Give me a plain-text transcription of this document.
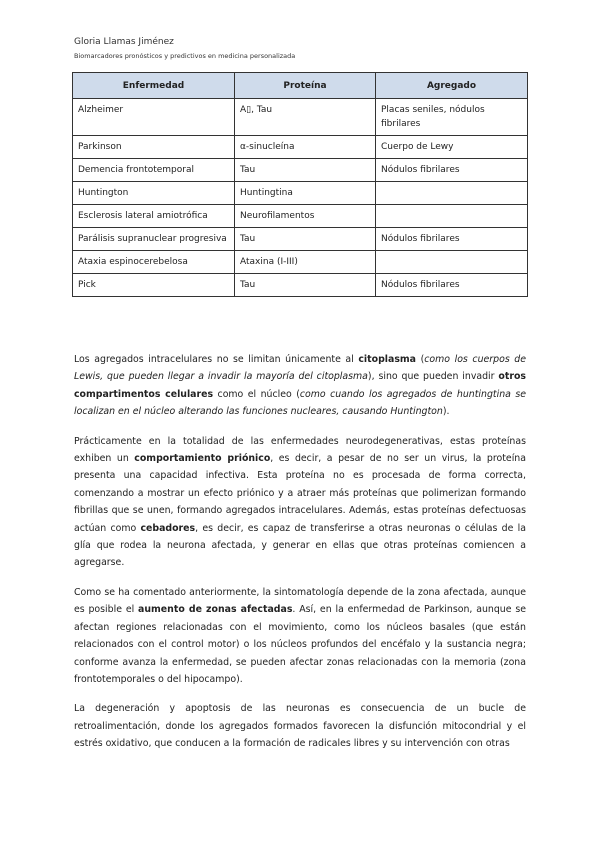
Gloria Llamas Jiménez
Biomarcadores pronósticos y predictivos en medicina personalizada
Enfermedad	Proteína	Agregado
Alzheimer	A▯, Tau	Placas seniles, nódulos fibrilares
Parkinson	α-sinucleína	Cuerpo de Lewy
Demencia frontotemporal	Tau	Nódulos fibrilares
Huntington	Huntingtina	
Esclerosis lateral amiotrófica	Neurofilamentos	
Parálisis supranuclear progresiva	Tau	Nódulos fibrilares
Ataxia espinocerebelosa	Ataxina (I-III)	
Pick	Tau	Nódulos fibrilares

Los agregados intracelulares no se limitan únicamente al citoplasma (como los cuerpos de Lewis, que pueden llegar a invadir la mayoría del citoplasma), sino que pueden invadir otros compartimentos celulares como el núcleo (como cuando los agregados de huntingtina se localizan en el núcleo alterando las funciones nucleares, causando Huntington).

Prácticamente en la totalidad de las enfermedades neurodegenerativas, estas proteínas exhiben un comportamiento priónico, es decir, a pesar de no ser un virus, la proteína presenta una capacidad infectiva. Esta proteína no es procesada de forma correcta, comenzando a mostrar un efecto priónico y a atraer más proteínas que polimerizan formando fibrillas que se unen, formando agregados intracelulares. Además, estas proteínas defectuosas actúan como cebadores, es decir, es capaz de transferirse a otras neuronas o células de la glía que rodea la neurona afectada, y generar en ellas que otras proteínas comiencen a agregarse.

Como se ha comentado anteriormente, la sintomatología depende de la zona afectada, aunque es posible el aumento de zonas afectadas. Así, en la enfermedad de Parkinson, aunque se afectan regiones relacionadas con el movimiento, como los núcleos basales (que están relacionados con el control motor) o los núcleos profundos del encéfalo y la sustancia negra; conforme avanza la enfermedad, se pueden afectar zonas relacionadas con la memoria (zona frontotemporales o del hipocampo).

La degeneración y apoptosis de las neuronas es consecuencia de un bucle de retroalimentación, donde los agregados formados favorecen la disfunción mitocondrial y el estrés oxidativo, que conducen a la formación de radicales libres y su intervención con otras
